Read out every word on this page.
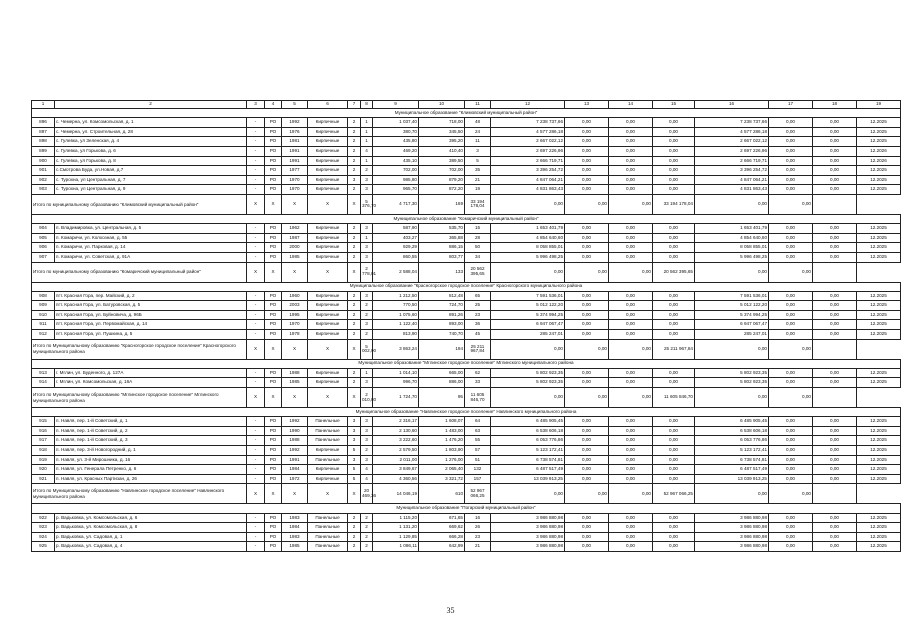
1	2	3	4	5	6	7	8	9	10	11	12	13	14	15	16	17	18	19
Муниципальное образование "Климовский муниципальный район"																		
896	с. Чемерна, ул. Комсомольская, д. 1	-	РО	1992	Кирпичные	2	1	1 037,40	718,00	48	7 238 737,66	0,00	0,00	0,00	7 238 737,66	0,00	0,00	12.2025
897	с. Чемерна, ул. Строительная, д. 28	-	РО	1976	Кирпичные	2	1	380,70	345,50	24	4 577 286,18	0,00	0,00	0,00	4 577 286,18	0,00	0,00	12.2025
898	с. Гулевка, ул Зеленская, д. 4	-	РО	1981	Кирпичные	2	1	435,80	395,20	11	2 667 022,12	0,00	0,00	0,00	2 667 022,12	0,00	0,00	12.2025
899	с. Гулевка, ул Горькова, д. 6	-	РО	1991	Кирпичные	2	4	469,20	410,40	3	2 697 226,96	0,00	0,00	0,00	2 697 226,96	0,00	0,00	12.2026
900	с. Гулевка, ул Горькова, д. 8	-	РО	1991	Кирпичные	2	1	435,10	389,50	5	2 666 719,71	0,00	0,00	0,00	2 666 719,71	0,00	0,00	12.2026
901	с.Смотрова Буда, ул.Новая, д.7	-	РО	1977	Кирпичные	2	2	702,00	702,00	35	3 396 254,72	0,00	0,00	0,00	3 396 254,72	0,00	0,00	12.2025
902	с. Турохна, ул Центральная, д. 7	-	РО	1970	Кирпичные	3	3	985,80	879,20	21	4 847 064,21	0,00	0,00	0,00	4 847 064,21	0,00	0,00	12.2025
903	с. Турохна, ул Центральная, д. 9	-	РО	1970	Кирпичные	2	3	965,70	872,20	19	4 831 863,43	0,00	0,00	0,00	4 831 863,43	0,00	0,00	12.2025
Итого по муниципальному образованию "Климовский муниципальный район"		X	X	X	X	X	5 376,70	4 717,30	169	33 194 178,04	0,00	0,00	0,00	33 194 178,04	0,00	0,00		
Муниципальное образование "Комаричский муниципальный район"																		
904	п. Владимировка, ул. Центральная, д. 5	-	РО	1962	Кирпичные	2	3	587,90	535,70	15	1 653 401,79	0,00	0,00	0,00	1 653 401,79	0,00	0,00	12.2025
905	п. Комаричи, ул. Колхозная, д. 55	-	РО	1987	Кирпичные	2	1	403,27	365,88	28	4 854 640,60	0,00	0,00	0,00	4 854 640,60	0,00	0,00	12.2025
906	п. Комаричи, ул. Парковая, д. 14	-	РО	2000	Кирпичные	2	3	929,29	886,15	50	8 058 855,01	0,00	0,00	0,00	8 058 855,01	0,00	0,00	12.2025
907	п. Комаричи, ул. Советская, д. 91А	-	РО	1985	Кирпичные	2	3	860,55	803,77	34	5 996 498,25	0,00	0,00	0,00	5 996 498,25	0,00	0,00	12.2025
Итого по муниципальному образованию "Комаричский муниципальный район"		X	X	X	X	X	2 778,01	2 588,04	133	20 562 395,65	0,00	0,00	0,00	20 562 395,65	0,00	0,00		
Муниципальное образование "Красногорское городское поселение" Красногорского муниципального района																		
908	пгт. Красная Гора, пер. Майский, д. 2	-	РО	1960	Кирпичные	2	3	1 212,50	812,48	65	7 591 536,01	0,00	0,00	0,00	7 591 536,01	0,00	0,00	12.2025
909	пгт. Красная Гора, ул. Батуровская, д. 5	-	РО	2003	Кирпичные	2	2	770,50	724,70	25	5 012 122,20	0,00	0,00	0,00	5 012 122,20	0,00	0,00	12.2025
910	пгт. Красная Гора, ул. Буйновича, д. 96Б	-	РО	1995	Кирпичные	2	2	1 075,60	891,26	23	5 374 994,25	0,00	0,00	0,00	5 374 994,25	0,00	0,00	12.2025
911	пгт. Красная Гора, ул. Первомайская, д. 14	-	РО	1970	Кирпичные	2	3	1 122,40	893,00	36	6 947 067,47	0,00	0,00	0,00	6 947 067,47	0,00	0,00	12.2025
912	пгт. Красная Гора, ул. Пушкина, д. 5	-	РО	1978	Кирпичные	2	2	813,90	740,70	45	285 247,01	0,00	0,00	0,00	285 247,01	0,00	0,00	12.2025
Итого по Муниципальному образованию "Красногорское городское поселение" Красногорского муниципального района		X	X	X	X	X	5 002,90	3 863,24	194	25 211 967,84	0,00	0,00	0,00	25 211 967,84	0,00	0,00		
Муниципальное образование "Мглинское городское поселение" Мглинского муниципального района																		
913	г. Мглин, ул. Буденного, д. 127А	-	РО	1988	Кирпичные	2	1	1 014,10	665,00	62	5 802 923,35	0,00	0,00	0,00	5 802 923,35	0,00	0,00	12.2025
914	г. Мглин, ул. Комсомольская, д. 16А	-	РО	1985	Кирпичные	2	3	996,70	886,00	33	5 802 923,35	0,00	0,00	0,00	5 802 923,35	0,00	0,00	12.2025
Итого по Муниципальному образованию "Мглинское городское поселение" Мглинского муниципального района		X	X	X	X	X	2 010,80	1 724,70	95	11 605 846,70	0,00	0,00	0,00	11 605 846,70	0,00	0,00		
Муниципальное образование "Навлинское городское поселение" Навлинского муниципального района																		
915	п. Навля, пер. 1-й Советский, д. 1	-	РО	1992	Панельные	3	3	2 316,17	1 608,07	64	6 485 905,45	0,00	0,00	0,00	6 485 905,45	0,00	0,00	12.2025
916	п. Навля, пер. 1-й Советский, д. 2	-	РО	1990	Панельные	3	3	2 130,60	1 483,00	63	6 538 606,18	0,00	0,00	0,00	6 538 606,18	0,00	0,00	12.2025
917	п. Навля, пер. 1-й Советский, д. 3	-	РО	1988	Панельные	3	3	3 222,60	1 476,20	55	6 053 776,86	0,00	0,00	0,00	6 053 776,86	0,00	0,00	12.2025
918	п. Навля, пер. 3-й Новогородний, д. 1	-	РО	1992	Кирпичные	5	2	2 579,50	1 803,90	57	5 123 172,41	0,00	0,00	0,00	5 123 172,41	0,00	0,00	12.2025
919	п. Навля, ул. 3-й Мирошника, д. 16	-	РО	1991	Панельные	3	3	2 011,00	1 276,00	51	6 738 574,81	0,00	0,00	0,00	6 738 574,81	0,00	0,00	12.2025
920	п. Навля, ул. Генерала Петренко, д. 6	-	РО	1984	Кирпичные	5	4	3 849,67	2 065,40	132	6 487 517,49	0,00	0,00	0,00	6 487 517,49	0,00	0,00	12.2025
921	п. Навля, ул. Красных Партизан, д. 26	-	РО	1972	Кирпичные	5	4	4 360,56	3 321,72	157	13 039 913,25	0,00	0,00	0,00	13 039 913,25	0,00	0,00	12.2025
Итого по Муниципальному образованию "Навлинское городское поселение" Навлинского муниципального района		X	X	X	X	X	20 469,36	14 046,19	610	52 967 066,25	0,00	0,00	0,00	52 967 066,25	0,00	0,00		
Муниципальное образование "Погарский муниципальный район"																		
922	р. Вадьковка, ул. Комсомольская, д. 6	-	РО	1983	Панельные	2	2	1 115,20	671,65	16	3 986 880,98	0,00	0,00	0,00	3 986 880,98	0,00	0,00	12.2025
923	р. Вадьковка, ул. Комсомольская, д. 8	-	РО	1984	Панельные	2	2	1 131,20	669,62	26	3 986 880,98	0,00	0,00	0,00	3 986 880,98	0,00	0,00	12.2025
924	р. Вадьковка, ул. Садовая, д. 1	-	РО	1983	Панельные	2	2	1 129,85	666,28	23	3 986 880,98	0,00	0,00	0,00	3 986 880,98	0,00	0,00	12.2025
925	р. Вадьковка, ул. Садовая, д. 4	-	РО	1985	Панельные	2	2	1 086,11	642,99	21	3 986 880,98	0,00	0,00	0,00	3 986 880,98	0,00	0,00	12.2025
35
